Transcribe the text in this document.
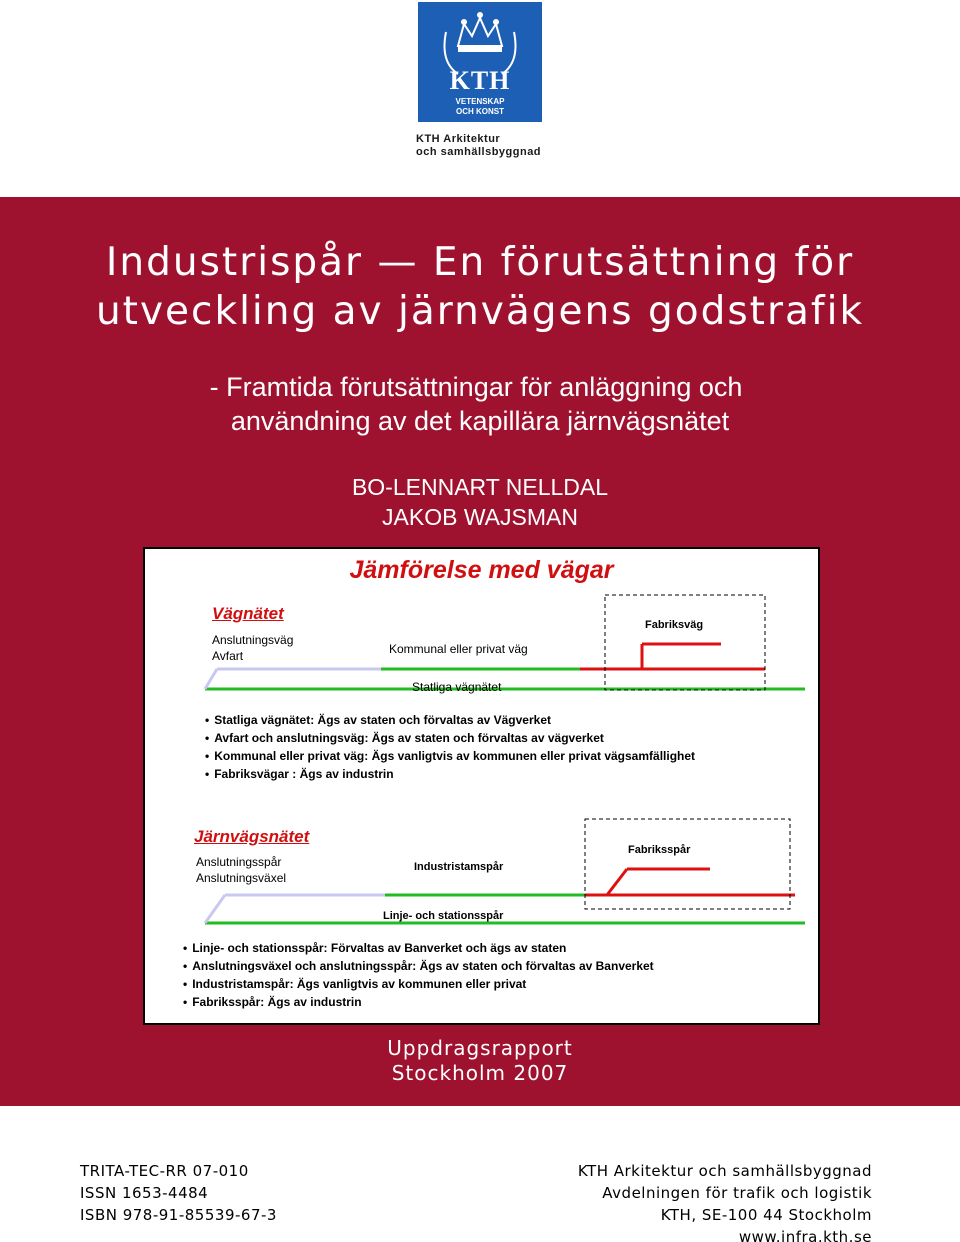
KTH
VETENSKAP
OCH KONST
KTH Arkitektur
och samhällsbyggnad
Industrispår — En förutsättning för
utveckling av järnvägens godstrafik
- Framtida förutsättningar för anläggning och
användning av det kapillära järnvägsnätet
BO-LENNART NELLDAL
JAKOB WAJSMAN
Jämförelse med vägar
Vägnätet
Anslutningsväg
Avfart	Kommunal eller privat väg
Fabriksväg
Statliga vägnätet
• Statliga vägnätet: Ägs av staten och förvaltas av Vägverket
• Avfart och anslutningsväg: Ägs av staten och förvaltas av vägverket
• Kommunal eller privat väg: Ägs vanligtvis av kommunen eller privat vägsamfällighet
• Fabriksvägar : Ägs av industrin
Järnvägsnätet
Anslutningsspår
Anslutningsväxel
Industristamspår
Fabriksspår
Linje- och stationsspår
• Linje- och stationsspår: Förvaltas av Banverket och ägs av staten
• Anslutningsväxel och anslutningsspår: Ägs av staten och förvaltas av Banverket
• Industristamspår: Ägs vanligtvis av kommunen eller privat
• Fabriksspår: Ägs av industrin
Uppdragsrapport
Stockholm 2007
TRITA-TEC-RR 07-010
ISSN 1653-4484
ISBN 978-91-85539-67-3
KTH Arkitektur och samhällsbyggnad
Avdelningen för trafik och logistik
KTH, SE-100 44 Stockholm
www.infra.kth.se
